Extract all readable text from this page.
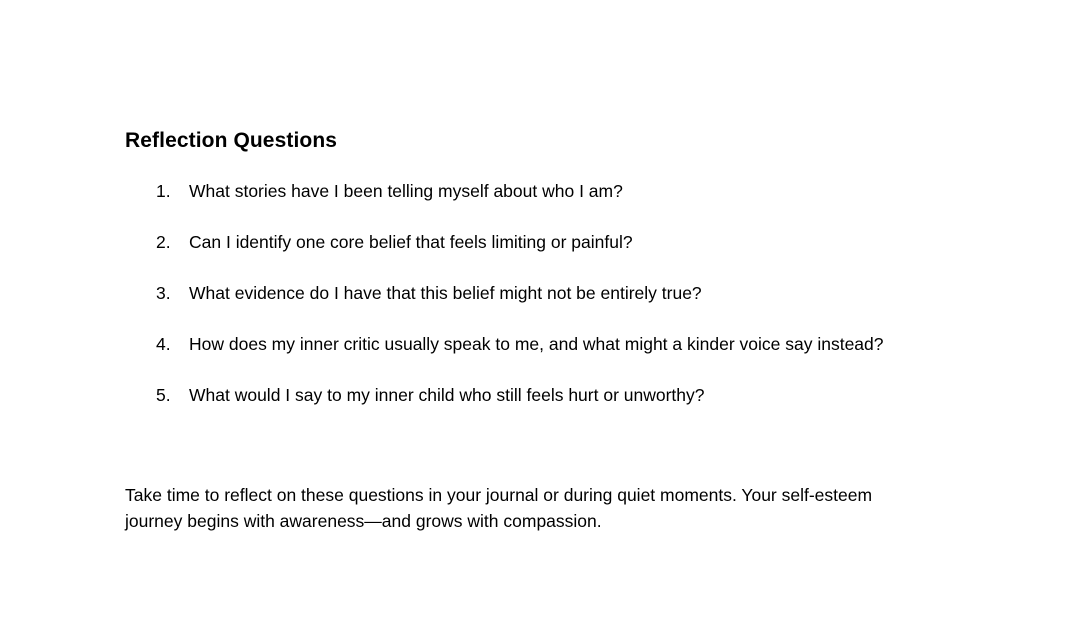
Reflection Questions
1. What stories have I been telling myself about who I am?
2. Can I identify one core belief that feels limiting or painful?
3. What evidence do I have that this belief might not be entirely true?
4. How does my inner critic usually speak to me, and what might a kinder voice say instead?
5. What would I say to my inner child who still feels hurt or unworthy?

Take time to reflect on these questions in your journal or during quiet moments. Your self-esteem journey begins with awareness—and grows with compassion.
